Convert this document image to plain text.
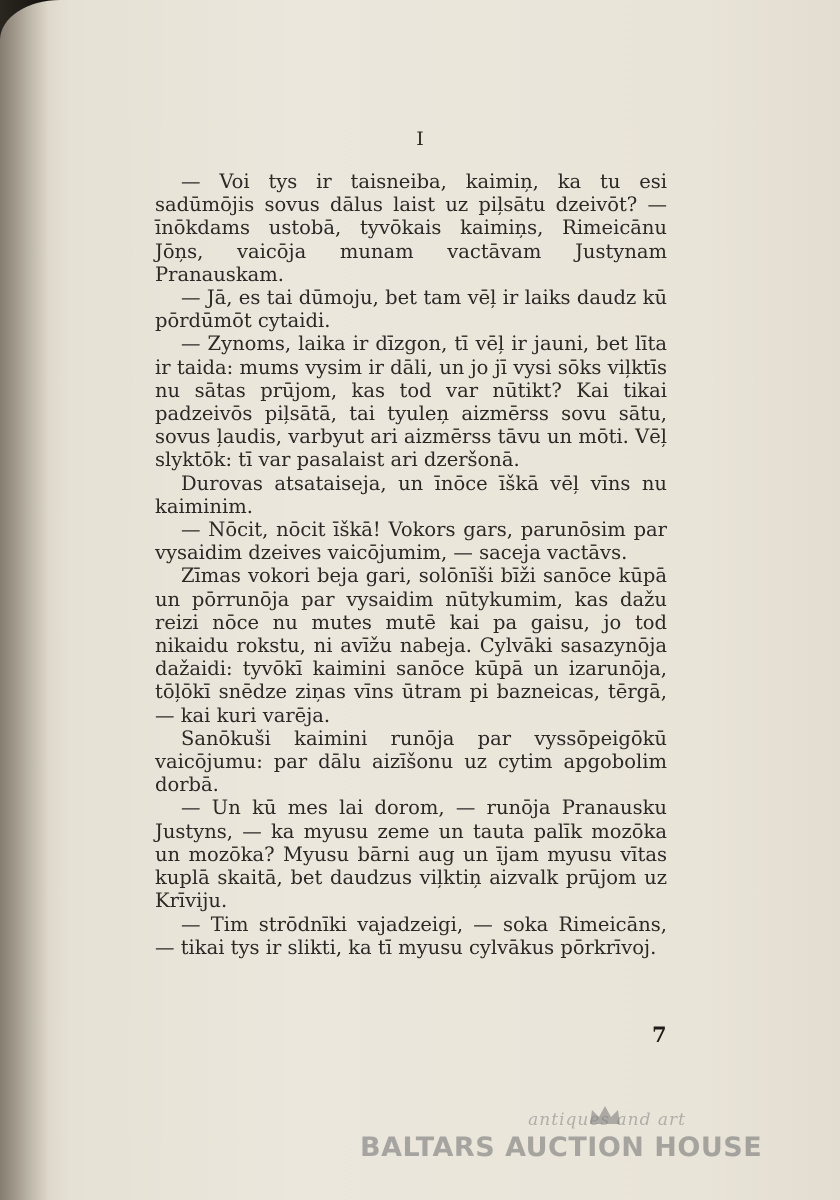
I

— Voi tys ir taisneiba, kaimiņ, ka tu esi sadūmōjis sovus dālus laist uz piļsātu dzeivōt? — īnōkdams ustobā, tyvōkais kaimiņs, Rimeicānu Jōņs, vaicōja munam vactāvam Justynam Pranauskam.

— Jā, es tai dūmoju, bet tam vēļ ir laiks daudz kū pōrdūmōt cytaidi.

— Zynoms, laika ir dīzgon, tī vēļ ir jauni, bet līta ir taida: mums vysim ir dāli, un jo jī vysi sōks viļktīs nu sātas prūjom, kas tod var nūtikt? Kai tikai padzeivōs piļsātā, tai tyuleņ aizmērss sovu sātu, sovus ļaudis, varbyut ari aizmērss tāvu un mōti. Vēļ slyktōk: tī var pasalaist ari dzeršonā.

Durovas atsataiseja, un īnōce īškā vēļ vīns nu kaiminim.

— Nōcit, nōcit īškā! Vokors gars, parunōsim par vysaidim dzeives vaicōjumim, — saceja vactāvs.

Zīmas vokori beja gari, solōnīši bīži sanōce kūpā un pōrrunōja par vysaidim nūtykumim, kas dažu reizi nōce nu mutes mutē kai pa gaisu, jo tod nikaidu rokstu, ni avīžu nabeja. Cylvāki sasazynōja dažaidi: tyvōkī kaimini sanōce kūpā un izarunōja, tōļōkī snēdze ziņas vīns ūtram pi bazneicas, tērgā, — kai kuri varēja.

Sanōkuši kaimini runōja par vyssōpeigōkū vaicōjumu: par dālu aizīšonu uz cytim apgobolim dorbā.

— Un kū mes lai dorom, — runōja Pranausku Justyns, — ka myusu zeme un tauta palīk mozōka un mozōka? Myusu bārni aug un ījam myusu vītas kuplā skaitā, bet daudzus viļktiņ aizvalk prūjom uz Krīviju.

— Tim strōdnīki vajadzeigi, — soka Rimeicāns, — tikai tys ir slikti, ka tī myusu cylvākus pōrkrīvoj.

7
antiques and art
BALTARS AUCTION HOUSE
